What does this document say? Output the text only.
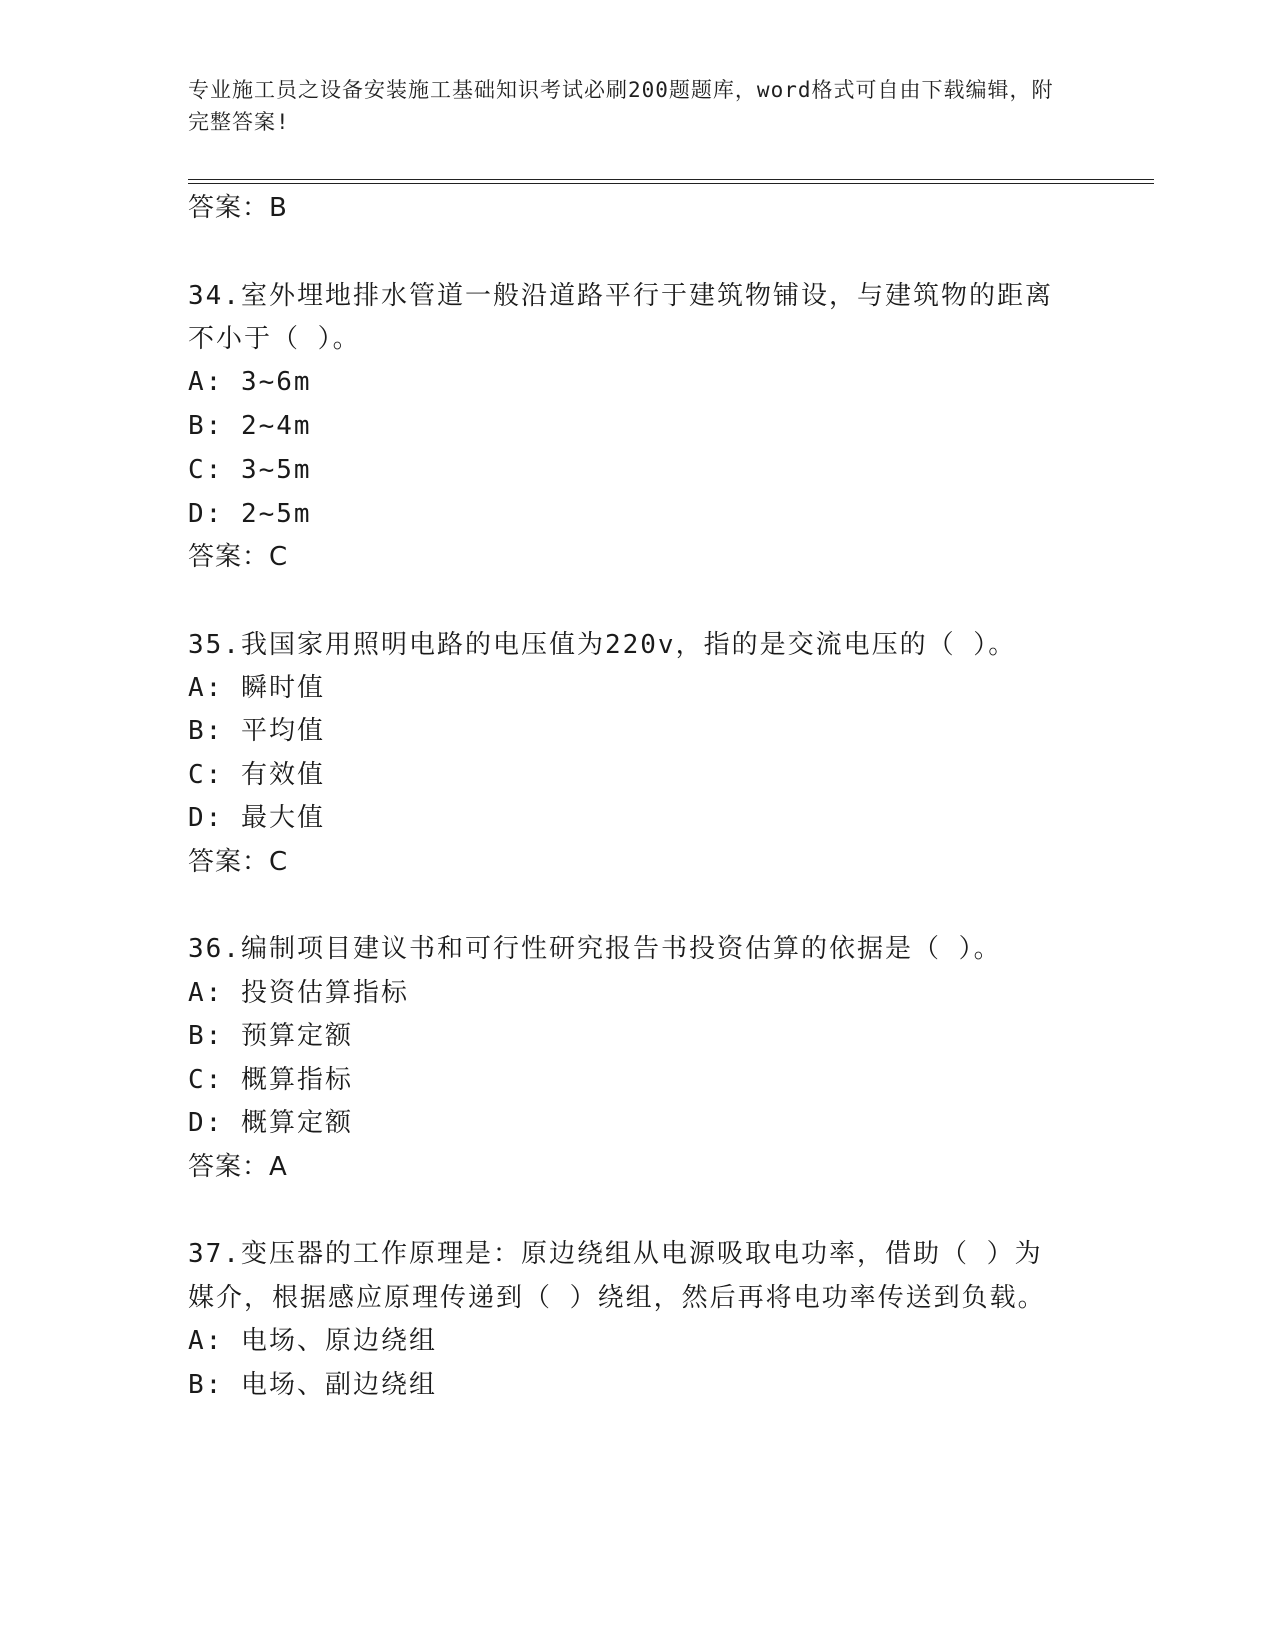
专业施工员之设备安装施工基础知识考试必刷200题题库，word格式可自由下载编辑，附完整答案!
答案：B
34.室外埋地排水管道一般沿道路平行于建筑物铺设，与建筑物的距离
不小于（ ）。
A: 3~6m
B: 2~4m
C: 3~5m
D: 2~5m
答案：C
35.我国家用照明电路的电压值为220v，指的是交流电压的（ ）。
A: 瞬时值
B: 平均值
C: 有效值
D: 最大值
答案：C
36.编制项目建议书和可行性研究报告书投资估算的依据是（ ）。
A: 投资估算指标
B: 预算定额
C: 概算指标
D: 概算定额
答案：A
37.变压器的工作原理是：原边绕组从电源吸取电功率，借助（ ）为
媒介，根据感应原理传递到（ ）绕组，然后再将电功率传送到负载。
A: 电场、原边绕组
B: 电场、副边绕组
